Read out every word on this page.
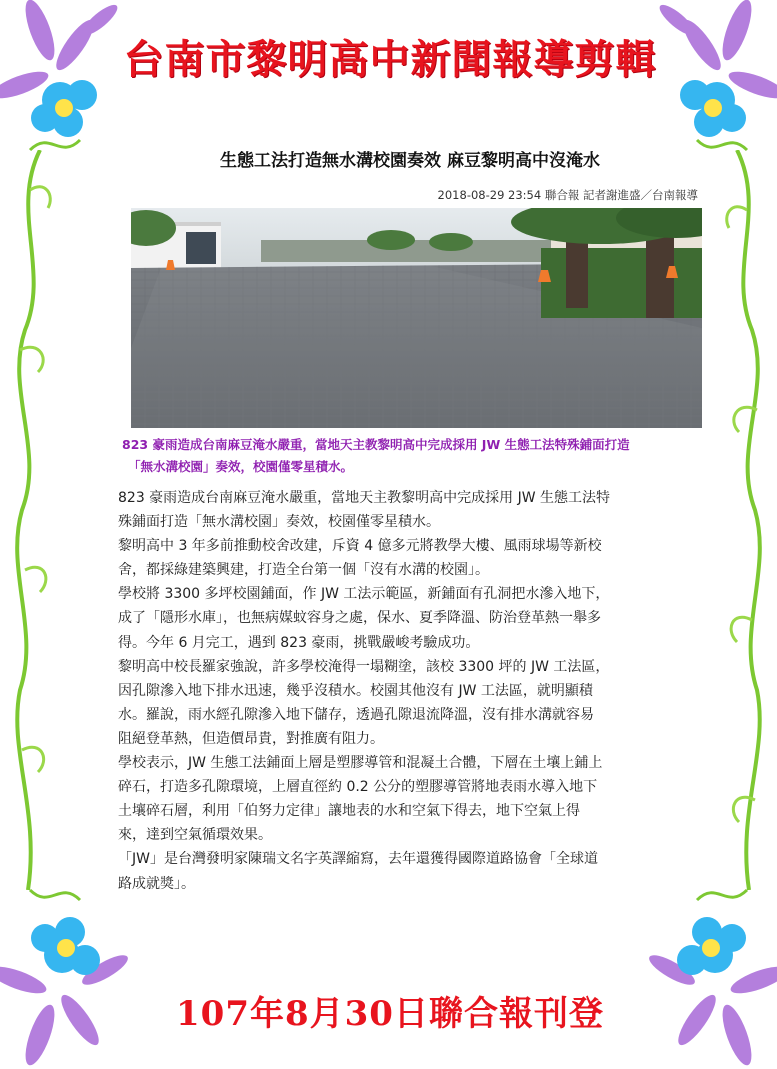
台南市黎明高中新聞報導剪輯
生態工法打造無水溝校園奏效 麻豆黎明高中沒淹水
2018-08-29 23:54 聯合報 記者謝進盛／台南報導

823 豪雨造成台南麻豆淹水嚴重，當地天主教黎明高中完成採用 JW 生態工法特殊鋪面打造

「無水溝校園」奏效，校園僅零星積水。

823 豪雨造成台南麻豆淹水嚴重，當地天主教黎明高中完成採用 JW 生態工法特

殊鋪面打造「無水溝校園」奏效，校園僅零星積水。

黎明高中 3 年多前推動校舍改建，斥資 4 億多元將教學大樓、風雨球場等新校

舍，都採綠建築興建，打造全台第一個「沒有水溝的校園」。

學校將 3300 多坪校園鋪面，作 JW 工法示範區，新鋪面有孔洞把水滲入地下，

成了「隱形水庫」，也無病媒蚊容身之處，保水、夏季降溫、防治登革熱一舉多

得。今年 6 月完工，遇到 823 豪雨，挑戰嚴峻考驗成功。

黎明高中校長羅家強說，許多學校淹得一塌糊塗，該校 3300 坪的 JW 工法區，

因孔隙滲入地下排水迅速，幾乎沒積水。校園其他沒有 JW 工法區，就明顯積

水。羅說，雨水經孔隙滲入地下儲存，透過孔隙退流降溫，沒有排水溝就容易

阻絕登革熱，但造價昂貴，對推廣有阻力。

學校表示，JW 生態工法鋪面上層是塑膠導管和混凝土合體，下層在土壤上鋪上

碎石，打造多孔隙環境，上層直徑約 0.2 公分的塑膠導管將地表雨水導入地下

土壤碎石層，利用「伯努力定律」讓地表的水和空氣下得去，地下空氣上得

來，達到空氣循環效果。

「JW」是台灣發明家陳瑞文名字英譯縮寫，去年還獲得國際道路協會「全球道

路成就獎」。

107年8月30日聯合報刊登
